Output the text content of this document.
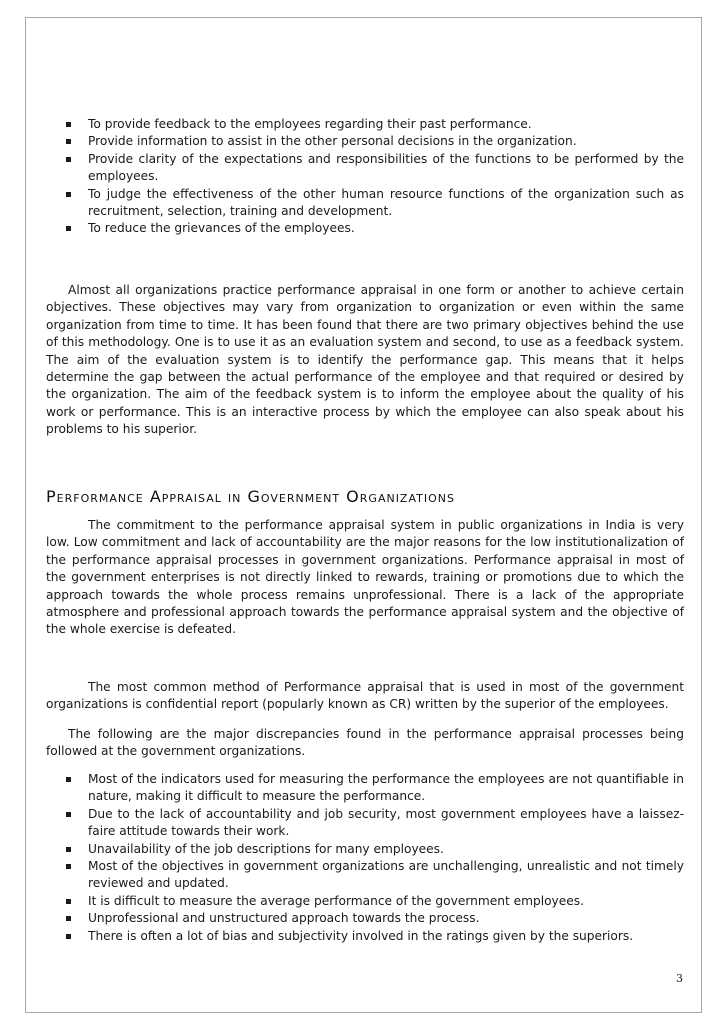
To provide feedback to the employees regarding their past performance.
Provide information to assist in the other personal decisions in the organization.
Provide clarity of the expectations and responsibilities of the functions to be performed by the employees.
To judge the effectiveness of the other human resource functions of the organization such as recruitment, selection, training and development.
To reduce the grievances of the employees.

Almost all organizations practice performance appraisal in one form or another to achieve certain objectives. These objectives may vary from organization to organization or even within the same organization from time to time. It has been found that there are two primary objectives behind the use of this methodology. One is to use it as an evaluation system and second, to use as a feedback system. The aim of the evaluation system is to identify the performance gap. This means that it helps determine the gap between the actual performance of the employee and that required or desired by the organization. The aim of the feedback system is to inform the employee about the quality of his work or performance. This is an interactive process by which the employee can also speak about his problems to his superior.

Performance Appraisal in Government Organizations

The commitment to the performance appraisal system in public organizations in India is very low. Low commitment and lack of accountability are the major reasons for the low institutionalization of the performance appraisal processes in government organizations. Performance appraisal in most of the government enterprises is not directly linked to rewards, training or promotions due to which the approach towards the whole process remains unprofessional. There is a lack of the appropriate atmosphere and professional approach towards the performance appraisal system and the objective of the whole exercise is defeated.

The most common method of Performance appraisal that is used in most of the government organizations is confidential report (popularly known as CR) written by the superior of the employees.

The following are the major discrepancies found in the performance appraisal processes being followed at the government organizations.

Most of the indicators used for measuring the performance the employees are not quantifiable in nature, making it difficult to measure the performance.
Due to the lack of accountability and job security, most government employees have a laissez-faire attitude towards their work.
Unavailability of the job descriptions for many employees.
Most of the objectives in government organizations are unchallenging, unrealistic and not timely reviewed and updated.
It is difficult to measure the average performance of the government employees.
Unprofessional and unstructured approach towards the process.
There is often a lot of bias and subjectivity involved in the ratings given by the superiors.
3
